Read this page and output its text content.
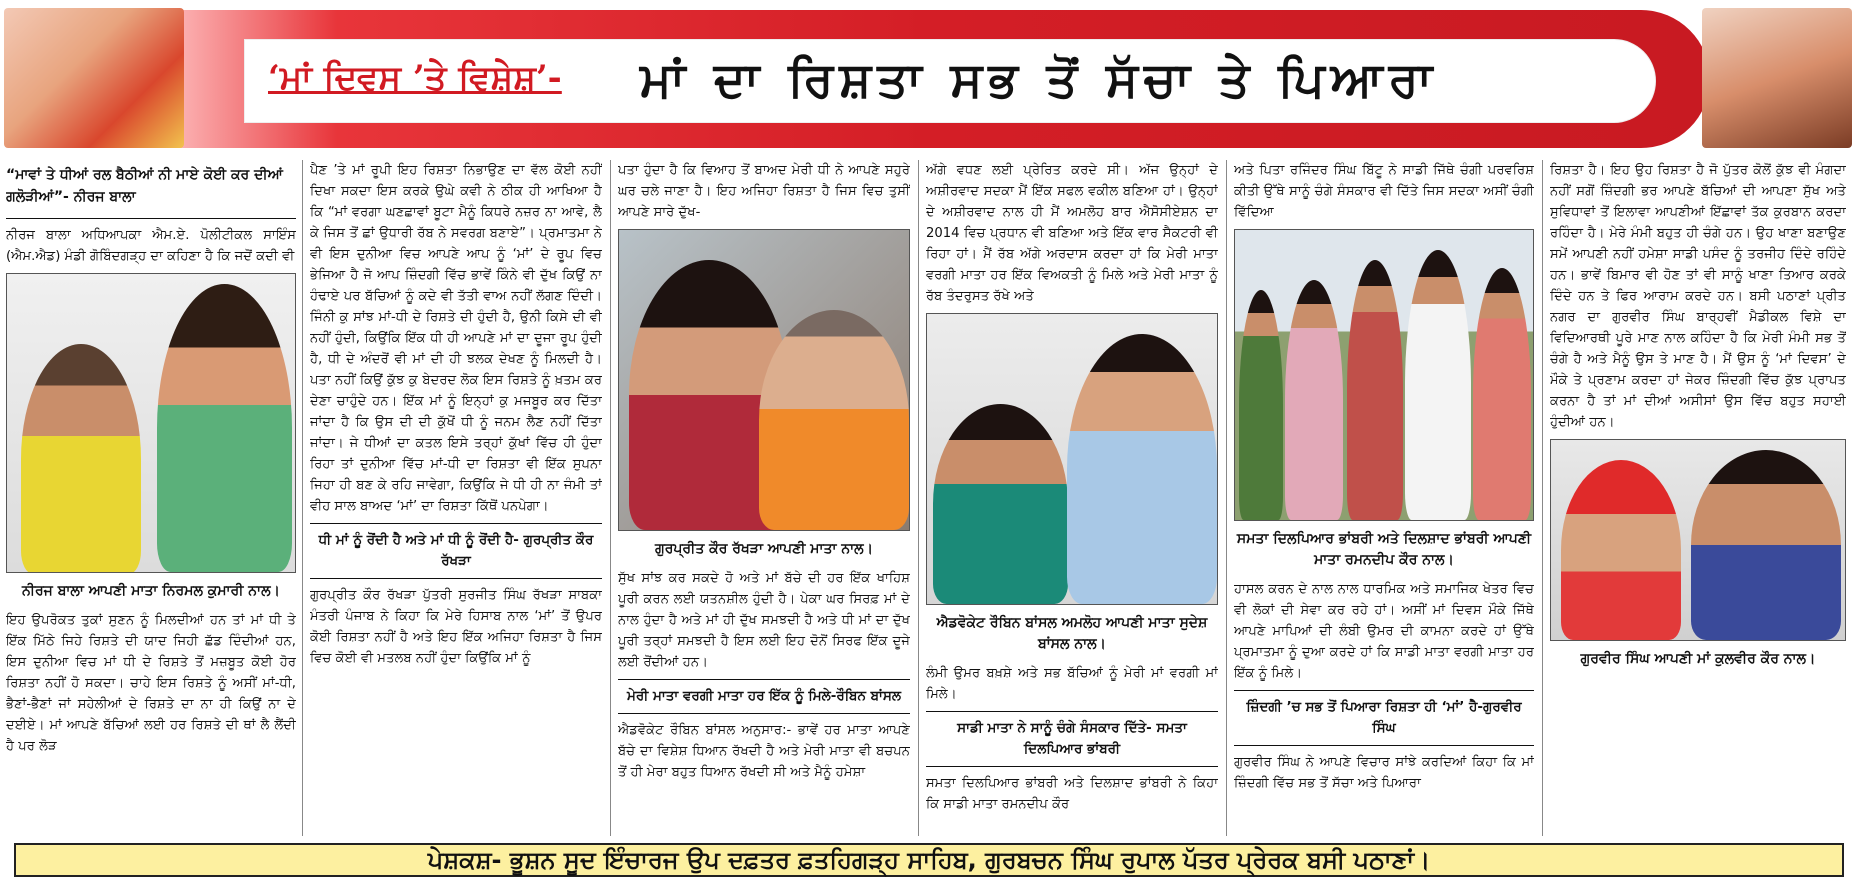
‘ਮਾਂ ਦਿਵਸ ’ਤੇ ਵਿਸ਼ੇਸ਼’- ਮਾਂ ਦਾ ਰਿਸ਼ਤਾ ਸਭ ਤੋਂ ਸੱਚਾ ਤੇ ਪਿਆਰਾ
“ਮਾਵਾਂ ਤੇ ਧੀਆਂ ਰਲ ਬੈਠੀਆਂ ਨੀ ਮਾਏ ਕੋਈ ਕਰ ਦੀਆਂ ਗਲੋੜੀਆਂ”- ਨੀਰਜ ਬਾਲਾ

ਨੀਰਜ ਬਾਲਾ ਅਧਿਆਪਕਾ ਐਮ.ਏ. ਪੋਲੀਟੀਕਲ ਸਾਇੰਸ (ਐਮ.ਐਡ) ਮੰਡੀ ਗੋਬਿੰਦਗੜ੍ਹ ਦਾ ਕਹਿਣਾ ਹੈ ਕਿ ਜਦੋਂ ਕਦੀ ਵੀ

ਨੀਰਜ ਬਾਲਾ ਆਪਣੀ ਮਾਤਾ ਨਿਰਮਲ ਕੁਮਾਰੀ ਨਾਲ।

ਇਹ ਉਪਰੋਕਤ ਤੁਕਾਂ ਸੁਣਨ ਨੂੰ ਮਿਲਦੀਆਂ ਹਨ ਤਾਂ ਮਾਂ ਧੀ ਤੇ ਇੱਕ ਮਿੱਠੇ ਜਿਹੇ ਰਿਸ਼ਤੇ ਦੀ ਯਾਦ ਜਿਹੀ ਛੱਡ ਦਿੰਦੀਆਂ ਹਨ, ਇਸ ਦੁਨੀਆ ਵਿਚ ਮਾਂ ਧੀ ਦੇ ਰਿਸ਼ਤੇ ਤੋਂ ਮਜ਼ਬੂਤ ਕੋਈ ਹੋਰ ਰਿਸ਼ਤਾ ਨਹੀਂ ਹੋ ਸਕਦਾ। ਚਾਹੇ ਇਸ ਰਿਸ਼ਤੇ ਨੂੰ ਅਸੀਂ ਮਾਂ-ਧੀ, ਭੈਣਾਂ-ਭੈਣਾਂ ਜਾਂ ਸਹੇਲੀਆਂ ਦੇ ਰਿਸ਼ਤੇ ਦਾ ਨਾ ਹੀ ਕਿਉਂ ਨਾ ਦੇ ਦਈਏ। ਮਾਂ ਆਪਣੇ ਬੱਚਿਆਂ ਲਈ ਹਰ ਰਿਸ਼ਤੇ ਦੀ ਥਾਂ ਲੈ ਲੈਂਦੀ ਹੈ ਪਰ ਲੋੜ

ਪੈਣ ’ਤੇ ਮਾਂ ਰੂਪੀ ਇਹ ਰਿਸ਼ਤਾ ਨਿਭਾਉਣ ਦਾ ਵੱਲ ਕੋਈ ਨਹੀਂ ਦਿਖਾ ਸਕਦਾ ਇਸ ਕਰਕੇ ਉਘੇ ਕਵੀ ਨੇ ਠੀਕ ਹੀ ਆਖਿਆ ਹੈ ਕਿ “ਮਾਂ ਵਰਗਾ ਘਣਛਾਵਾਂ ਬੂਟਾ ਮੈਨੂੰ ਕਿਧਰੇ ਨਜ਼ਰ ਨਾ ਆਵੇ, ਲੈ ਕੇ ਜਿਸ ਤੋਂ ਛਾਂ ਉਧਾਰੀ ਰੱਬ ਨੇ ਸਵਰਗ ਬਣਾਏ”। ਪ੍ਰਮਾਤਮਾ ਨੇ ਵੀ ਇਸ ਦੁਨੀਆ ਵਿਚ ਆਪਣੇ ਆਪ ਨੂੰ ‘ਮਾਂ’ ਦੇ ਰੂਪ ਵਿਚ ਭੇਜਿਆ ਹੈ ਜੋ ਆਪ ਜ਼ਿੰਦਗੀ ਵਿੱਚ ਭਾਵੇਂ ਕਿੰਨੇ ਵੀ ਦੁੱਖ ਕਿਉਂ ਨਾ ਹੰਢਾਏ ਪਰ ਬੱਚਿਆਂ ਨੂੰ ਕਦੇ ਵੀ ਤੱਤੀ ਵਾਅ ਨਹੀਂ ਲੱਗਣ ਦਿੰਦੀ। ਜਿੰਨੀ ਕੁ ਸਾਂਝ ਮਾਂ-ਧੀ ਦੇ ਰਿਸ਼ਤੇ ਦੀ ਹੁੰਦੀ ਹੈ, ਉਨੀ ਕਿਸੇ ਦੀ ਵੀ ਨਹੀਂ ਹੁੰਦੀ, ਕਿਉਂਕਿ ਇੱਕ ਧੀ ਹੀ ਆਪਣੇ ਮਾਂ ਦਾ ਦੂਜਾ ਰੂਪ ਹੁੰਦੀ ਹੈ, ਧੀ ਦੇ ਅੰਦਰੋਂ ਵੀ ਮਾਂ ਦੀ ਹੀ ਝਲਕ ਦੇਖਣ ਨੂੰ ਮਿਲਦੀ ਹੈ। ਪਤਾ ਨਹੀਂ ਕਿਉਂ ਕੁੱਝ ਕੁ ਬੇਦਰਦ ਲੋਕ ਇਸ ਰਿਸ਼ਤੇ ਨੂੰ ਖ਼ਤਮ ਕਰ ਦੇਣਾ ਚਾਹੁੰਦੇ ਹਨ। ਇੱਕ ਮਾਂ ਨੂੰ ਇਨ੍ਹਾਂ ਕੁ ਮਜਬੂਰ ਕਰ ਦਿੱਤਾ ਜਾਂਦਾ ਹੈ ਕਿ ਉਸ ਦੀ ਦੀ ਕੁੱਖੋਂ ਧੀ ਨੂੰ ਜਨਮ ਲੈਣ ਨਹੀਂ ਦਿੱਤਾ ਜਾਂਦਾ। ਜੇ ਧੀਆਂ ਦਾ ਕਤਲ ਇਸੇ ਤਰ੍ਹਾਂ ਕੁੱਖਾਂ ਵਿੱਚ ਹੀ ਹੁੰਦਾ ਰਿਹਾ ਤਾਂ ਦੁਨੀਆ ਵਿੱਚ ਮਾਂ-ਧੀ ਦਾ ਰਿਸ਼ਤਾ ਵੀ ਇੱਕ ਸੁਪਨਾ ਜਿਹਾ ਹੀ ਬਣ ਕੇ ਰਹਿ ਜਾਵੇਗਾ, ਕਿਉਂਕਿ ਜੇ ਧੀ ਹੀ ਨਾ ਜੰਮੀ ਤਾਂ ਵੀਹ ਸਾਲ ਬਾਅਦ ‘ਮਾਂ’ ਦਾ ਰਿਸ਼ਤਾ ਕਿੱਥੋਂ ਪਨਪੇਗਾ।

ਧੀ ਮਾਂ ਨੂੰ ਰੋਂਦੀ ਹੈ ਅਤੇ ਮਾਂ ਧੀ ਨੂੰ ਰੋਂਦੀ ਹੈ- ਗੁਰਪ੍ਰੀਤ ਕੌਰ ਰੱਖੜਾ

ਗੁਰਪ੍ਰੀਤ ਕੌਰ ਰੱਖੜਾ ਪੁੱਤਰੀ ਸੁਰਜੀਤ ਸਿੰਘ ਰੱਖੜਾ ਸਾਬਕਾ ਮੰਤਰੀ ਪੰਜਾਬ ਨੇ ਕਿਹਾ ਕਿ ਮੇਰੇ ਹਿਸਾਬ ਨਾਲ ‘ਮਾਂ’ ਤੋਂ ਉਪਰ ਕੋਈ ਰਿਸ਼ਤਾ ਨਹੀਂ ਹੈ ਅਤੇ ਇਹ ਇੱਕ ਅਜਿਹਾ ਰਿਸ਼ਤਾ ਹੈ ਜਿਸ ਵਿਚ ਕੋਈ ਵੀ ਮਤਲਬ ਨਹੀਂ ਹੁੰਦਾ ਕਿਉਂਕਿ ਮਾਂ ਨੂੰ

ਪਤਾ ਹੁੰਦਾ ਹੈ ਕਿ ਵਿਆਹ ਤੋਂ ਬਾਅਦ ਮੇਰੀ ਧੀ ਨੇ ਆਪਣੇ ਸਹੁਰੇ ਘਰ ਚਲੇ ਜਾਣਾ ਹੈ। ਇਹ ਅਜਿਹਾ ਰਿਸ਼ਤਾ ਹੈ ਜਿਸ ਵਿਚ ਤੁਸੀਂ ਆਪਣੇ ਸਾਰੇ ਦੁੱਖ-

ਗੁਰਪ੍ਰੀਤ ਕੌਰ ਰੱਖੜਾ ਆਪਣੀ ਮਾਤਾ ਨਾਲ।

ਸੁੱਖ ਸਾਂਝ ਕਰ ਸਕਦੇ ਹੋ ਅਤੇ ਮਾਂ ਬੱਚੇ ਦੀ ਹਰ ਇੱਕ ਖਾਹਿਸ਼ ਪੂਰੀ ਕਰਨ ਲਈ ਯਤਨਸ਼ੀਲ ਹੁੰਦੀ ਹੈ। ਪੇਕਾ ਘਰ ਸਿਰਫ਼ ਮਾਂ ਦੇ ਨਾਲ ਹੁੰਦਾ ਹੈ ਅਤੇ ਮਾਂ ਹੀ ਦੁੱਖ ਸਮਝਦੀ ਹੈ ਅਤੇ ਧੀ ਮਾਂ ਦਾ ਦੁੱਖ ਪੂਰੀ ਤਰ੍ਹਾਂ ਸਮਝਦੀ ਹੈ ਇਸ ਲਈ ਇਹ ਦੋਨੋਂ ਸਿਰਫ ਇੱਕ ਦੂਜੇ ਲਈ ਰੋਂਦੀਆਂ ਹਨ।

ਮੇਰੀ ਮਾਤਾ ਵਰਗੀ ਮਾਤਾ ਹਰ ਇੱਕ ਨੂੰ ਮਿਲੇ-ਰੌਬਿਨ ਬਾਂਸਲ

ਐਡਵੋਕੇਟ ਰੌਬਿਨ ਬਾਂਸਲ ਅਨੁਸਾਰ:- ਭਾਵੇਂ ਹਰ ਮਾਤਾ ਆਪਣੇ ਬੱਚੇ ਦਾ ਵਿਸ਼ੇਸ਼ ਧਿਆਨ ਰੱਖਦੀ ਹੈ ਅਤੇ ਮੇਰੀ ਮਾਤਾ ਵੀ ਬਚਪਨ ਤੋਂ ਹੀ ਮੇਰਾ ਬਹੁਤ ਧਿਆਨ ਰੱਖਦੀ ਸੀ ਅਤੇ ਮੈਨੂੰ ਹਮੇਸ਼ਾ

ਅੱਗੇ ਵਧਣ ਲਈ ਪ੍ਰੇਰਿਤ ਕਰਦੇ ਸੀ। ਅੱਜ ਉਨ੍ਹਾਂ ਦੇ ਅਸ਼ੀਰਵਾਦ ਸਦਕਾ ਮੈਂ ਇੱਕ ਸਫਲ ਵਕੀਲ ਬਣਿਆ ਹਾਂ। ਉਨ੍ਹਾਂ ਦੇ ਅਸ਼ੀਰਵਾਦ ਨਾਲ ਹੀ ਮੈਂ ਅਮਲੋਹ ਬਾਰ ਐਸੋਸੀਏਸ਼ਨ ਦਾ 2014 ਵਿਚ ਪ੍ਰਧਾਨ ਵੀ ਬਣਿਆ ਅਤੇ ਇੱਕ ਵਾਰ ਸੈਕਟਰੀ ਵੀ ਰਿਹਾ ਹਾਂ। ਮੈਂ ਰੱਬ ਅੱਗੇ ਅਰਦਾਸ ਕਰਦਾ ਹਾਂ ਕਿ ਮੇਰੀ ਮਾਤਾ ਵਰਗੀ ਮਾਤਾ ਹਰ ਇੱਕ ਵਿਅਕਤੀ ਨੂੰ ਮਿਲੇ ਅਤੇ ਮੇਰੀ ਮਾਤਾ ਨੂੰ ਰੱਬ ਤੰਦਰੁਸਤ ਰੱਖੇ ਅਤੇ

ਐਡਵੋਕੇਟ ਰੌਬਿਨ ਬਾਂਸਲ ਅਮਲੋਹ ਆਪਣੀ ਮਾਤਾ ਸੁਦੇਸ਼ ਬਾਂਸਲ ਨਾਲ।

ਲੰਮੀ ਉਮਰ ਬਖ਼ਸ਼ੇ ਅਤੇ ਸਭ ਬੱਚਿਆਂ ਨੂੰ ਮੇਰੀ ਮਾਂ ਵਰਗੀ ਮਾਂ ਮਿਲੇ।

ਸਾਡੀ ਮਾਤਾ ਨੇ ਸਾਨੂੰ ਚੰਗੇ ਸੰਸਕਾਰ ਦਿੱਤੇ- ਸਮਤਾ ਦਿਲਪਿਆਰ ਭਾਂਬਰੀ

ਸਮਤਾ ਦਿਲਪਿਆਰ ਭਾਂਬਰੀ ਅਤੇ ਦਿਲਸ਼ਾਦ ਭਾਂਬਰੀ ਨੇ ਕਿਹਾ ਕਿ ਸਾਡੀ ਮਾਤਾ ਰਮਨਦੀਪ ਕੌਰ

ਅਤੇ ਪਿਤਾ ਰਜਿੰਦਰ ਸਿੰਘ ਬਿੱਟੂ ਨੇ ਸਾਡੀ ਜਿੱਥੇ ਚੰਗੀ ਪਰਵਰਿਸ਼ ਕੀਤੀ ਉੱਥੇ ਸਾਨੂੰ ਚੰਗੇ ਸੰਸਕਾਰ ਵੀ ਦਿੱਤੇ ਜਿਸ ਸਦਕਾ ਅਸੀਂ ਚੰਗੀ ਵਿੱਦਿਆ

ਸਮਤਾ ਦਿਲਪਿਆਰ ਭਾਂਬਰੀ ਅਤੇ ਦਿਲਸ਼ਾਦ ਭਾਂਬਰੀ ਆਪਣੀ ਮਾਤਾ ਰਮਨਦੀਪ ਕੌਰ ਨਾਲ।

ਹਾਸਲ ਕਰਨ ਦੇ ਨਾਲ ਨਾਲ ਧਾਰਮਿਕ ਅਤੇ ਸਮਾਜਿਕ ਖੇਤਰ ਵਿਚ ਵੀ ਲੋਕਾਂ ਦੀ ਸੇਵਾ ਕਰ ਰਹੇ ਹਾਂ। ਅਸੀਂ ਮਾਂ ਦਿਵਸ ਮੌਕੇ ਜਿੱਥੇ ਆਪਣੇ ਮਾਪਿਆਂ ਦੀ ਲੰਬੀ ਉਮਰ ਦੀ ਕਾਮਨਾ ਕਰਦੇ ਹਾਂ ਉੱਥੇ ਪ੍ਰਮਾਤਮਾ ਨੂੰ ਦੁਆ ਕਰਦੇ ਹਾਂ ਕਿ ਸਾਡੀ ਮਾਤਾ ਵਰਗੀ ਮਾਤਾ ਹਰ ਇੱਕ ਨੂੰ ਮਿਲੇ।

ਜ਼ਿੰਦਗੀ ’ਚ ਸਭ ਤੋਂ ਪਿਆਰਾ ਰਿਸ਼ਤਾ ਹੀ ‘ਮਾਂ’ ਹੈ-ਗੁਰਵੀਰ ਸਿੰਘ

ਗੁਰਵੀਰ ਸਿੰਘ ਨੇ ਆਪਣੇ ਵਿਚਾਰ ਸਾਂਝੇ ਕਰਦਿਆਂ ਕਿਹਾ ਕਿ ਮਾਂ ਜ਼ਿੰਦਗੀ ਵਿੱਚ ਸਭ ਤੋਂ ਸੱਚਾ ਅਤੇ ਪਿਆਰਾ

ਰਿਸ਼ਤਾ ਹੈ। ਇਹ ਉਹ ਰਿਸ਼ਤਾ ਹੈ ਜੋ ਪੁੱਤਰ ਕੋਲੋਂ ਕੁੱਝ ਵੀ ਮੰਗਦਾ ਨਹੀਂ ਸਗੋਂ ਜ਼ਿੰਦਗੀ ਭਰ ਆਪਣੇ ਬੱਚਿਆਂ ਦੀ ਆਪਣਾ ਸੁੱਖ ਅਤੇ ਸੁਵਿਧਾਵਾਂ ਤੋਂ ਇਲਾਵਾ ਆਪਣੀਆਂ ਇੱਛਾਵਾਂ ਤੱਕ ਕੁਰਬਾਨ ਕਰਦਾ ਰਹਿੰਦਾ ਹੈ। ਮੇਰੇ ਮੰਮੀ ਬਹੁਤ ਹੀ ਚੰਗੇ ਹਨ। ਉਹ ਖਾਣਾ ਬਣਾਉਣ ਸਮੇਂ ਆਪਣੀ ਨਹੀਂ ਹਮੇਸ਼ਾ ਸਾਡੀ ਪਸੰਦ ਨੂੰ ਤਰਜੀਹ ਦਿੰਦੇ ਰਹਿੰਦੇ ਹਨ। ਭਾਵੇਂ ਬਿਮਾਰ ਵੀ ਹੋਣ ਤਾਂ ਵੀ ਸਾਨੂੰ ਖਾਣਾ ਤਿਆਰ ਕਰਕੇ ਦਿੰਦੇ ਹਨ ਤੇ ਫਿਰ ਆਰਾਮ ਕਰਦੇ ਹਨ। ਬਸੀ ਪਠਾਣਾਂ ਪ੍ਰੀਤ ਨਗਰ ਦਾ ਗੁਰਵੀਰ ਸਿੰਘ ਬਾਰ੍ਹਵੀਂ ਮੈਡੀਕਲ ਵਿਸ਼ੇ ਦਾ ਵਿਦਿਆਰਥੀ ਪੂਰੇ ਮਾਣ ਨਾਲ ਕਹਿੰਦਾ ਹੈ ਕਿ ਮੇਰੀ ਮੰਮੀ ਸਭ ਤੋਂ ਚੰਗੇ ਹੈ ਅਤੇ ਮੈਨੂੰ ਉਸ ਤੇ ਮਾਣ ਹੈ। ਮੈਂ ਉਸ ਨੂੰ ‘ਮਾਂ ਦਿਵਸ’ ਦੇ ਮੌਕੇ ਤੇ ਪ੍ਰਣਾਮ ਕਰਦਾ ਹਾਂ ਜੇਕਰ ਜ਼ਿੰਦਗੀ ਵਿੱਚ ਕੁੱਝ ਪ੍ਰਾਪਤ ਕਰਨਾ ਹੈ ਤਾਂ ਮਾਂ ਦੀਆਂ ਅਸੀਸਾਂ ਉਸ ਵਿੱਚ ਬਹੁਤ ਸਹਾਈ ਹੁੰਦੀਆਂ ਹਨ।

ਗੁਰਵੀਰ ਸਿੰਘ ਆਪਣੀ ਮਾਂ ਕੁਲਵੀਰ ਕੌਰ ਨਾਲ।
ਪੇਸ਼ਕਸ਼- ਭੂਸ਼ਨ ਸੂਦ ਇੰਚਾਰਜ ਉਪ ਦਫ਼ਤਰ ਫ਼ਤਹਿਗੜ੍ਹ ਸਾਹਿਬ, ਗੁਰਬਚਨ ਸਿੰਘ ਰੁਪਾਲ ਪੱਤਰ ਪ੍ਰੇਰਕ ਬਸੀ ਪਠਾਣਾਂ।
